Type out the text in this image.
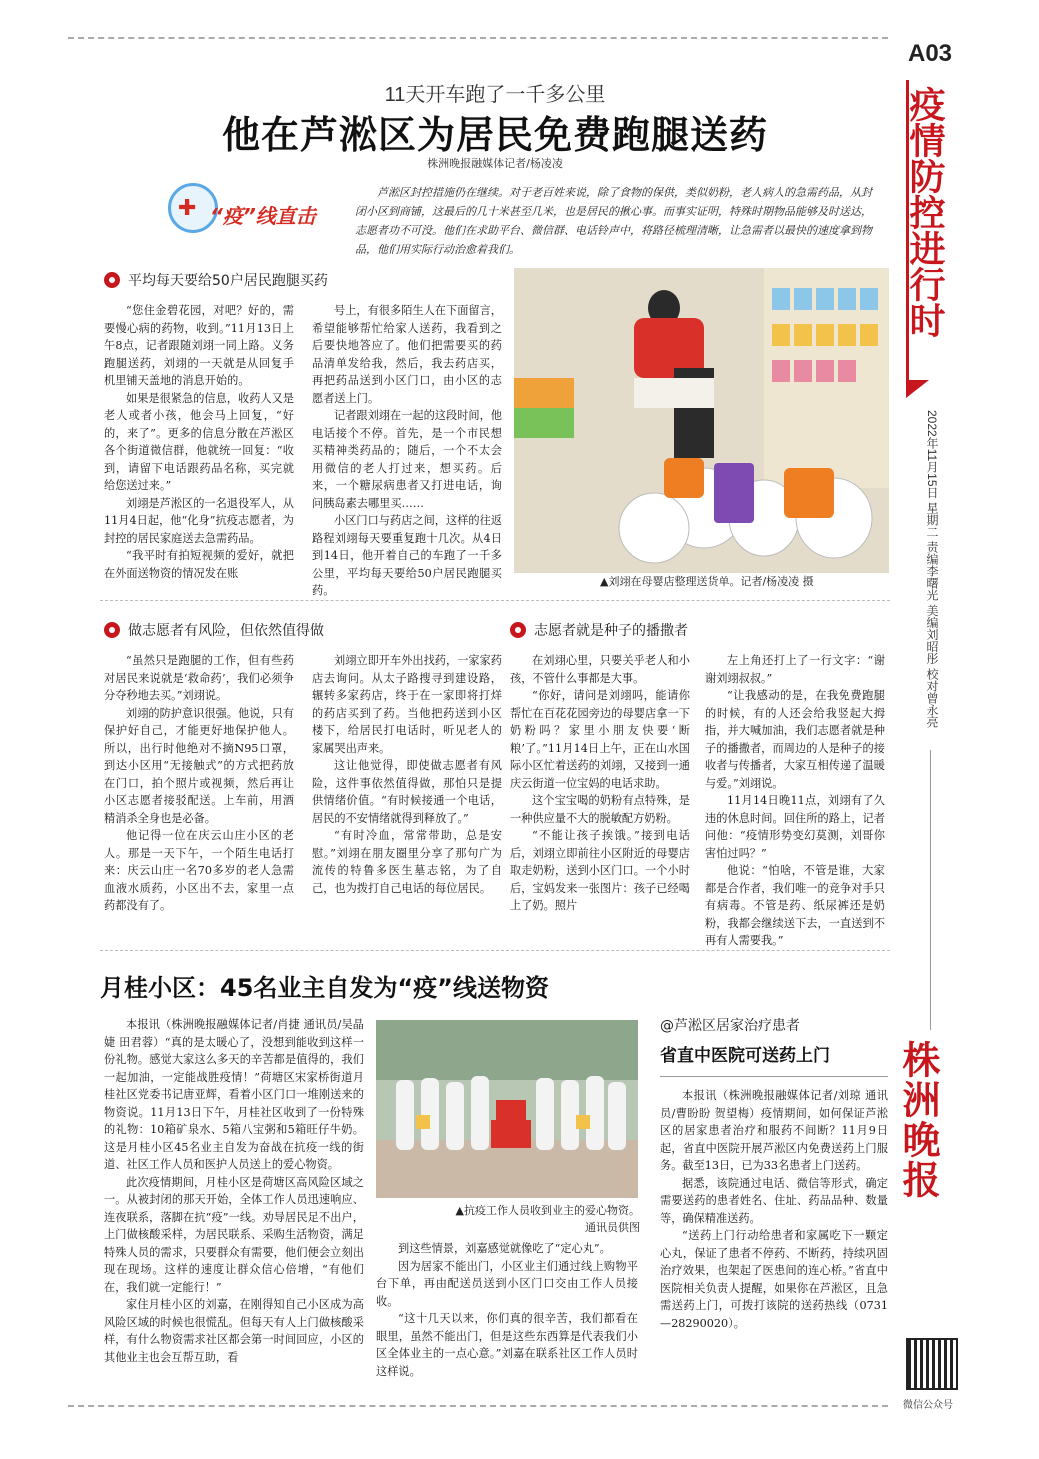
A03
疫情防控进行时
2022年11月15日 星期二 责编李曙光 美编刘昭彤 校对曾永亮
株洲晚报
微信公众号
11天开车跑了一千多公里
他在芦淞区为居民免费跑腿送药
株洲晚报融媒体记者/杨凌凌
✚ “疫”线直击
芦淞区封控措施仍在继续。对于老百姓来说，除了食物的保供，类似奶粉，老人病人的急需药品，从封闭小区到商铺，这最后的几十米甚至几米，也是居民的揪心事。而事实证明，特殊时期物品能够及时送达，志愿者功不可没。他们在求助平台、微信群、电话铃声中，将路径梳理清晰，让急需者以最快的速度拿到物品，他们用实际行动治愈着我们。
平均每天要给50户居民跑腿买药

“您住金碧花园，对吧？好的，需要慢心病的药物，收到。”11月13日上午8点，记者跟随刘翊一同上路。义务跑腿送药，刘翊的一天就是从回复手机里铺天盖地的消息开始的。

如果是很紧急的信息，收药人又是老人或者小孩，他会马上回复，“好的，来了”。更多的信息分散在芦淞区各个街道微信群，他就统一回复：“收到，请留下电话跟药品名称，买完就给您送过来。”

刘翊是芦淞区的一名退役军人，从11月4日起，他“化身”抗疫志愿者，为封控的居民家庭送去急需药品。

“我平时有拍短视频的爱好，就把在外面送物资的情况发在账

号上，有很多陌生人在下面留言，希望能够帮忙给家人送药，我看到之后要快地答应了。他们把需要买的药品清单发给我，然后，我去药店买，再把药品送到小区门口，由小区的志愿者送上门。

记者跟刘翊在一起的这段时间，他电话接个不停。首先，是一个市民想买精神类药品的；随后，一个不太会用微信的老人打过来，想买药。后来，一个糖尿病患者又打进电话，询问胰岛素去哪里买……

小区门口与药店之间，这样的往返路程刘翊每天要重复跑十几次。从4日到14日，他开着自己的车跑了一千多公里，平均每天要给50户居民跑腿买药。

▲刘翊在母婴店整理送货单。记者/杨凌凌 摄
做志愿者有风险，但依然值得做

“虽然只是跑腿的工作，但有些药对居民来说就是‘救命药’，我们必须争分夺秒地去买。”刘翊说。

刘翊的防护意识很强。他说，只有保护好自己，才能更好地保护他人。所以，出行时他绝对不摘N95口罩，到达小区用“无接触式”的方式把药放在门口，拍个照片或视频，然后再让小区志愿者接驳配送。上车前，用酒精消杀全身也是必备。

他记得一位在庆云山庄小区的老人。那是一天下午，一个陌生电话打来：庆云山庄一名70多岁的老人急需血液水质药，小区出不去，家里一点药都没有了。

刘翊立即开车外出找药，一家家药店去询问。从太子路搜寻到建设路，辗转多家药店，终于在一家即将打烊的药店买到了药。当他把药送到小区楼下，给居民打电话时，听见老人的家属哭出声来。

这让他觉得，即使做志愿者有风险，这件事依然值得做，那怕只是提供情绪价值。“有时候接通一个电话，居民的不安情绪就得到释放了。”

“有时冷血，常常带助，总是安慰。”刘翊在朋友圈里分享了那句广为流传的特鲁多医生墓志铭，为了自己，也为拨打自己电话的每位居民。

志愿者就是种子的播撒者

在刘翊心里，只要关乎老人和小孩，不管什么事都是大事。

“你好，请问是刘翊吗，能请你帮忙在百花花园旁边的母婴店拿一下奶粉吗？家里小朋友快要‘断粮’了。”11月14日上午，正在山水国际小区忙着送药的刘翊，又接到一通庆云街道一位宝妈的电话求助。

这个宝宝喝的奶粉有点特殊，是一种供应量不大的脱敏配方奶粉。

“不能让孩子挨饿。”接到电话后，刘翊立即前往小区附近的母婴店取走奶粉，送到小区门口。一个小时后，宝妈发来一张图片：孩子已经喝上了奶。照片

左上角还打上了一行文字：“谢谢刘翊叔叔。”

“让我感动的是，在我免费跑腿的时候，有的人还会给我竖起大拇指，并大喊加油，我们志愿者就是种子的播撒者，而周边的人是种子的接收者与传播者，大家互相传递了温暖与爱。”刘翊说。

11月14日晚11点，刘翊有了久违的休息时间。回住所的路上，记者问他：“疫情形势变幻莫测，刘哥你害怕过吗？”

他说：“怕啥，不管是谁，大家都是合作者，我们唯一的竞争对手只有病毒。不管是药、纸尿裤还是奶粉，我都会继续送下去，一直送到不再有人需要我。”

月桂小区：45名业主自发为“疫”线送物资

本报讯（株洲晚报融媒体记者/肖捷 通讯员/吴晶婕 田君蓉）“真的是太暖心了，没想到能收到这样一份礼物。感觉大家这么多天的辛苦都是值得的，我们一起加油，一定能战胜疫情！”荷塘区宋家桥街道月桂社区党委书记唐亚辉，看着小区门口一堆刚送来的物资说。11月13日下午，月桂社区收到了一份特殊的礼物：10箱矿泉水、5箱八宝粥和5箱旺仔牛奶。这是月桂小区45名业主自发为奋战在抗疫一线的街道、社区工作人员和医护人员送上的爱心物资。

此次疫情期间，月桂小区是荷塘区高风险区域之一。从被封闭的那天开始，全体工作人员迅速响应、连夜联系，落脚在抗“疫”一线。劝导居民足不出户，上门做核酸采样，为居民联系、采购生活物资，满足特殊人员的需求，只要群众有需要，他们便会立刻出现在现场。这样的速度让群众信心倍增，“有他们在，我们就一定能行！”

家住月桂小区的刘嘉，在刚得知自己小区成为高风险区域的时候也很慌乱。但每天有人上门做核酸采样，有什么物资需求社区都会第一时间回应，小区的其他业主也会互帮互助，看

▲抗疫工作人员收到业主的爱心物资。
通讯员供图

到这些情景，刘嘉感觉就像吃了“定心丸”。

因为居家不能出门，小区业主们通过线上购物平台下单，再由配送员送到小区门口交由工作人员接收。

“这十几天以来，你们真的很辛苦，我们都看在眼里，虽然不能出门，但是这些东西算是代表我们小区全体业主的一点心意。”刘嘉在联系社区工作人员时这样说。

@芦淞区居家治疗患者
省直中医院可送药上门

本报讯（株洲晚报融媒体记者/刘琼 通讯员/曹盼盼 贺望梅）疫情期间，如何保证芦淞区的居家患者治疗和服药不间断？11月9日起，省直中医院开展芦淞区内免费送药上门服务。截至13日，已为33名患者上门送药。

据悉，该院通过电话、微信等形式，确定需要送药的患者姓名、住址、药品品种、数量等，确保精准送药。

“送药上门行动给患者和家属吃下一颗定心丸，保证了患者不停药、不断药，持续巩固治疗效果，也架起了医患间的连心桥。”省直中医院相关负责人提醒，如果你在芦淞区，且急需送药上门，可拨打该院的送药热线（0731—28290020）。
